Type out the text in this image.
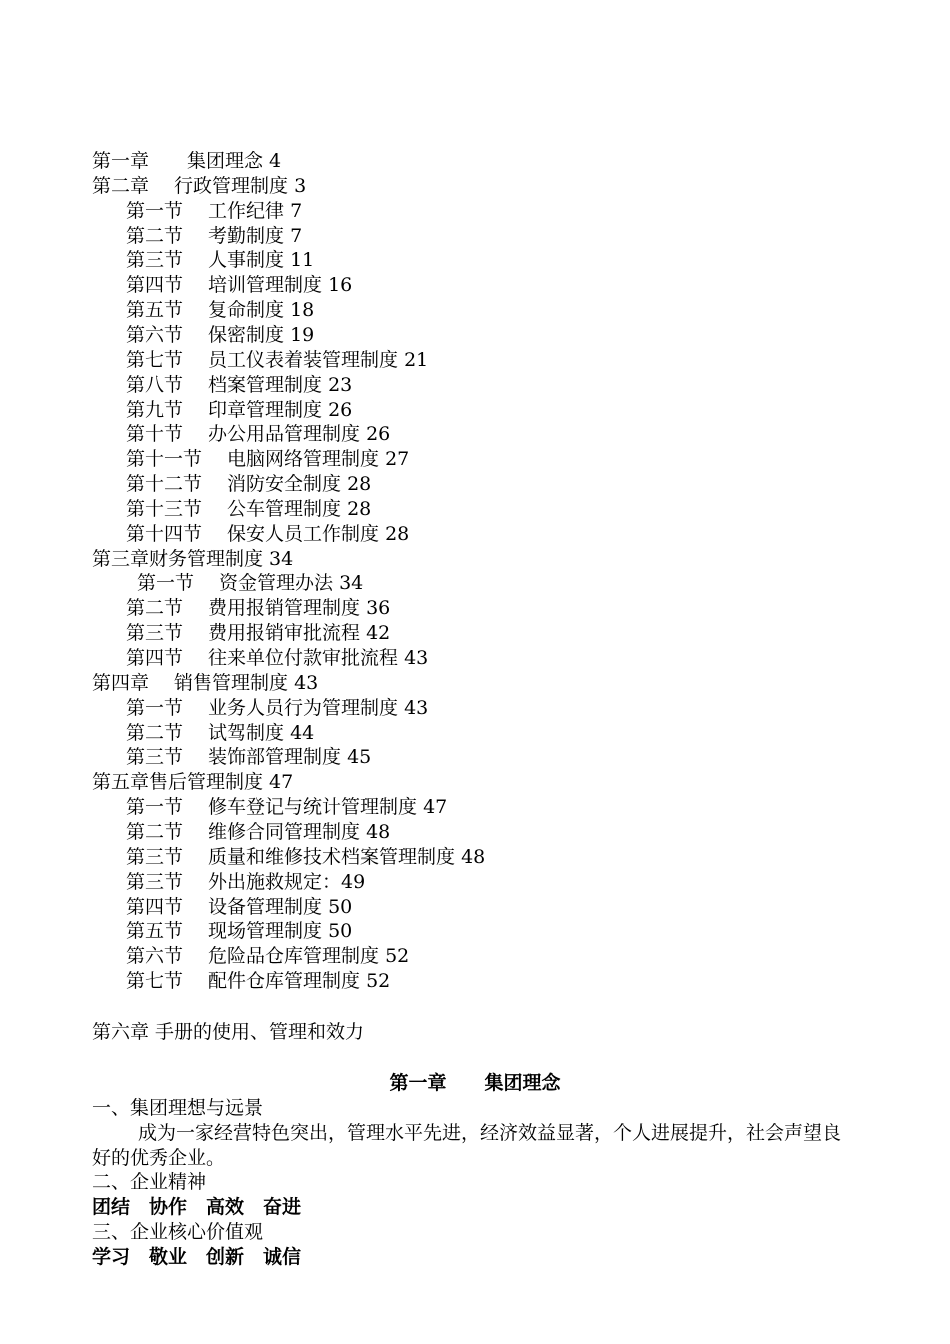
第一章　　集团理念 4
第二章　 行政管理制度 3
第一节　 工作纪律 7
第二节　 考勤制度 7
第三节　 人事制度 11
第四节　 培训管理制度 16
第五节　 复命制度 18
第六节　 保密制度 19
第七节　 员工仪表着装管理制度 21
第八节　 档案管理制度 23
第九节　 印章管理制度 26
第十节　 办公用品管理制度 26
第十一节　 电脑网络管理制度 27
第十二节　 消防安全制度 28
第十三节　 公车管理制度 28
第十四节　 保安人员工作制度 28
第三章财务管理制度 34
第一节　 资金管理办法 34
第二节　 费用报销管理制度 36
第三节　 费用报销审批流程 42
第四节　 往来单位付款审批流程 43
第四章　 销售管理制度 43
第一节　 业务人员行为管理制度 43
第二节　 试驾制度 44
第三节　 装饰部管理制度 45
第五章售后管理制度 47
第一节　 修车登记与统计管理制度 47
第二节　 维修合同管理制度 48
第三节　 质量和维修技术档案管理制度 48
第三节　 外出施救规定：49
第四节　 设备管理制度 50
第五节　 现场管理制度 50
第六节　 危险品仓库管理制度 52
第七节　 配件仓库管理制度 52
第六章 手册的使用、管理和效力
第一章　　集团理念
一、集团理想与远景
成为一家经营特色突出，管理水平先进，经济效益显著，个人进展提升，社会声望良好的优秀企业。
二、企业精神
团结　协作　高效　奋进
三、企业核心价值观
学习　敬业　创新　诚信
